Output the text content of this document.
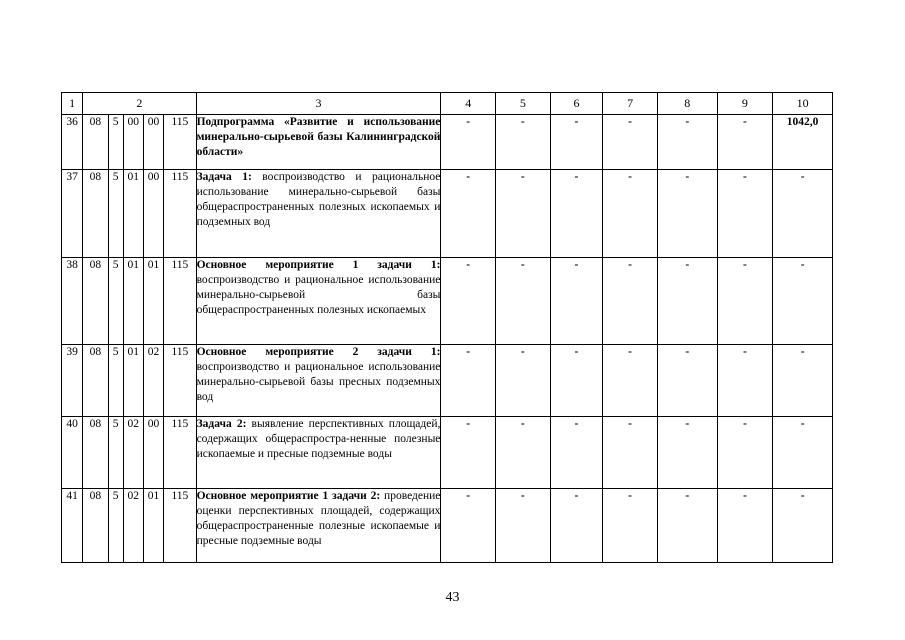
1	2					3	4	5	6	7	8	9	10
36	08	5	00	00	115	Подпрограмма «Развитие и использование минерально-сырьевой базы Калининградской области»	-	-	-	-	-	-	1042,0
37	08	5	01	00	115	Задача 1: воспроизводство и рациональное использование минерально-сырьевой базы общераспространенных полезных ископаемых и подземных вод	-	-	-	-	-	-	-
38	08	5	01	01	115	Основное мероприятие 1 задачи 1: воспроизводство и рациональное использование минерально-сырьевой базы общераспространенных полезных ископаемых	-	-	-	-	-	-	-
39	08	5	01	02	115	Основное мероприятие 2 задачи 1: воспроизводство и рациональное использование минерально-сырьевой базы пресных подземных вод	-	-	-	-	-	-	-
40	08	5	02	00	115	Задача 2: выявление перспективных площадей, содержащих общераспростра-ненные полезные ископаемые и пресные подземные воды	-	-	-	-	-	-	-
41	08	5	02	01	115	Основное мероприятие 1 задачи 2: проведение оценки перспективных площадей, содержащих общераспространенные полезные ископаемые и пресные подземные воды	-	-	-	-	-	-	-
43
